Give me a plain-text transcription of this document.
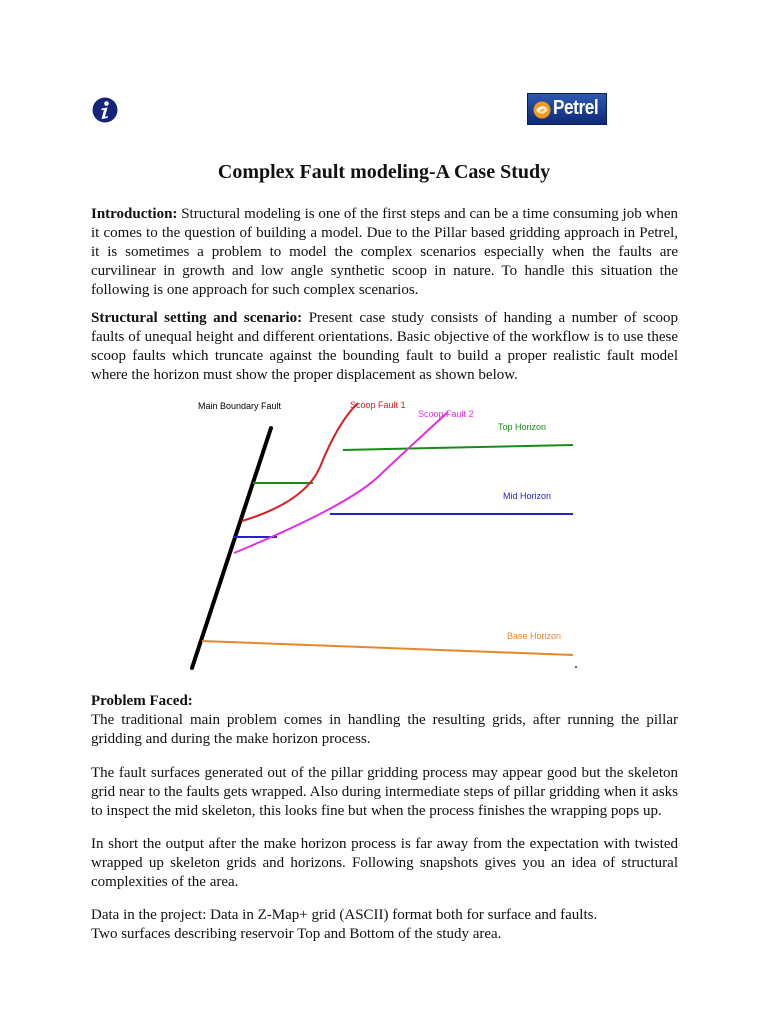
Petrel
Complex Fault modeling-A Case Study

Introduction: Structural modeling is one of the first steps and can be a time consuming job when it comes to the question of building a model. Due to the Pillar based gridding approach in Petrel, it is sometimes a problem to model the complex scenarios especially when the faults are curvilinear in growth and low angle synthetic scoop in nature. To handle this situation the following is one approach for such complex scenarios.

Structural setting and scenario: Present case study consists of handing a number of scoop faults of unequal height and different orientations. Basic objective of the workflow is to use these scoop faults which truncate against the bounding fault to build a proper realistic fault model where the horizon must show the proper displacement as shown below.

Main Boundary Fault	Scoop Fault 1
Scoop Fault 2
Top Horizon
Mid Horizon
Base Horizon

Problem Faced:

The traditional main problem comes in handling the resulting grids, after running the pillar gridding and during the make horizon process.

The fault surfaces generated out of the pillar gridding process may appear good but the skeleton grid near to the faults gets wrapped. Also during intermediate steps of pillar gridding when it asks to inspect the mid skeleton, this looks fine but when the process finishes the wrapping pops up.

In short the output after the make horizon process is far away from the expectation with twisted wrapped up skeleton grids and horizons. Following snapshots gives you an idea of structural complexities of the area.

Data in the project: Data in Z-Map+ grid (ASCII) format both for surface and faults.

Two surfaces describing reservoir Top and Bottom of the study area.
